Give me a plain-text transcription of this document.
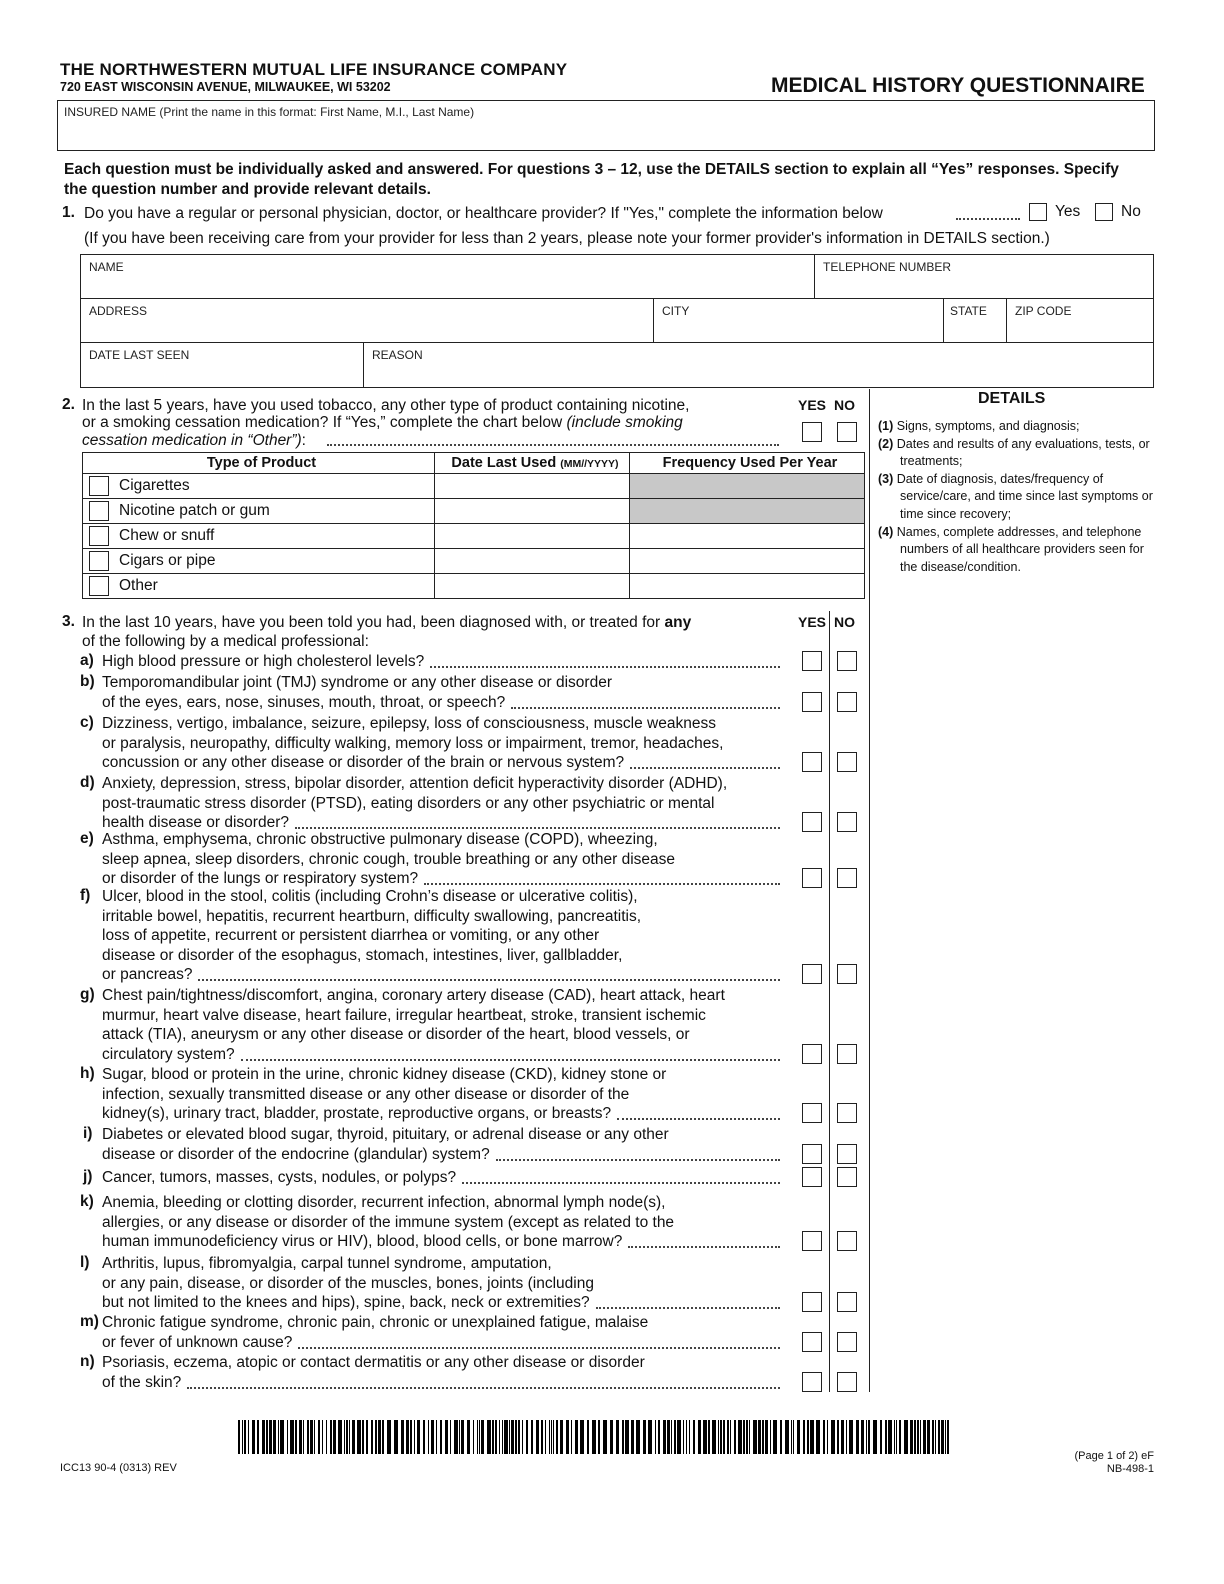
THE NORTHWESTERN MUTUAL LIFE INSURANCE COMPANY
720 EAST WISCONSIN AVENUE, MILWAUKEE, WI 53202	MEDICAL HISTORY QUESTIONNAIRE
INSURED NAME (Print the name in this format: First Name, M.I., Last Name)
Each question must be individually asked and answered. For questions 3 – 12, use the DETAILS section to explain all “Yes” responses. Specify the question number and provide relevant details.
1. Do you have a regular or personal physician, doctor, or healthcare provider? If "Yes," complete the information below	Yes	No
(If you have been receiving care from your provider for less than 2 years, please note your former provider's information in DETAILS section.)
NAME	TELEPHONE NUMBER
ADDRESS	CITY	STATE ZIP CODE
DATE LAST SEEN	REASON
2. In the last 5 years, have you used tobacco, any other type of product containing nicotine,
or a smoking cessation medication? If “Yes,” complete the chart below (include smoking
cessation medication in “Other”):
YES NO
Type of Product	Date Last Used (MM//YYYY)	Frequency Used Per Year
Cigarettes		
Nicotine patch or gum		
Chew or snuff		
Cigars or pipe		
Other		
DETAILS
(1) Signs, symptoms, and diagnosis;
(2) Dates and results of any evaluations, tests, or treatments;
(3) Date of diagnosis, dates/frequency of service/care, and time since last symptoms or time since recovery;
(4) Names, complete addresses, and telephone numbers of all healthcare providers seen for the disease/condition.
3. In the last 10 years, have you been told you had, been diagnosed with, or treated for any
of the following by a medical professional:
YES NO
a) High blood pressure or high cholesterol levels?
b) Temporomandibular joint (TMJ) syndrome or any other disease or disorder
of the eyes, ears, nose, sinuses, mouth, throat, or speech?
c) Dizziness, vertigo, imbalance, seizure, epilepsy, loss of consciousness, muscle weakness
or paralysis, neuropathy, difficulty walking, memory loss or impairment, tremor, headaches,
concussion or any other disease or disorder of the brain or nervous system?
d) Anxiety, depression, stress, bipolar disorder, attention deficit hyperactivity disorder (ADHD),
post-traumatic stress disorder (PTSD), eating disorders or any other psychiatric or mental
health disease or disorder?
e) Asthma, emphysema, chronic obstructive pulmonary disease (COPD), wheezing,
sleep apnea, sleep disorders, chronic cough, trouble breathing or any other disease
or disorder of the lungs or respiratory system?
f) Ulcer, blood in the stool, colitis (including Crohn’s disease or ulcerative colitis),
irritable bowel, hepatitis, recurrent heartburn, difficulty swallowing, pancreatitis,
loss of appetite, recurrent or persistent diarrhea or vomiting, or any other
disease or disorder of the esophagus, stomach, intestines, liver, gallbladder,
or pancreas?
g) Chest pain/tightness/discomfort, angina, coronary artery disease (CAD), heart attack, heart
murmur, heart valve disease, heart failure, irregular heartbeat, stroke, transient ischemic
attack (TIA), aneurysm or any other disease or disorder of the heart, blood vessels, or
circulatory system?
h) Sugar, blood or protein in the urine, chronic kidney disease (CKD), kidney stone or
infection, sexually transmitted disease or any other disease or disorder of the
kidney(s), urinary tract, bladder, prostate, reproductive organs, or breasts?
i) Diabetes or elevated blood sugar, thyroid, pituitary, or adrenal disease or any other
disease or disorder of the endocrine (glandular) system?
j) Cancer, tumors, masses, cysts, nodules, or polyps?
k) Anemia, bleeding or clotting disorder, recurrent infection, abnormal lymph node(s),
allergies, or any disease or disorder of the immune system (except as related to the
human immunodeficiency virus or HIV), blood, blood cells, or bone marrow?
l) Arthritis, lupus, fibromyalgia, carpal tunnel syndrome, amputation,
or any pain, disease, or disorder of the muscles, bones, joints (including
but not limited to the knees and hips), spine, back, neck or extremities?
m) Chronic fatigue syndrome, chronic pain, chronic or unexplained fatigue, malaise
or fever of unknown cause?
n) Psoriasis, eczema, atopic or contact dermatitis or any other disease or disorder
of the skin?
ICC13 90-4 (0313) REV
(Page 1 of 2) eF
NB-498-1
